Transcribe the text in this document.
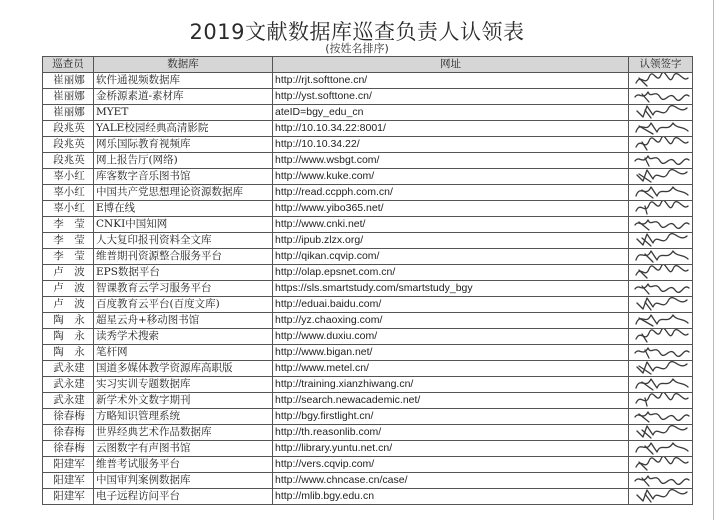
2019文献数据库巡查负责人认领表
(按姓名排序)
巡查员	数据库	网址	认领签字
崔丽娜	软件通视频数据库	http://rjt.softtone.cn/	

崔丽娜	金桥源素道-素材库	http://yst.softtone.cn/	

崔丽娜	MYET	ateID=bgy_edu_cn	

段兆英	YALE校园经典高清影院	http://10.10.34.22:8001/	

段兆英	网乐国际教育视频库	http://10.10.34.22/	

段兆英	网上报告厅(网络)	http://www.wsbgt.com/	

辜小红	库客数字音乐图书馆	http://www.kuke.com/	

辜小红	中国共产党思想理论资源数据库	http://read.ccpph.com.cn/	

辜小红	E博在线	http://www.yibo365.net/	

李　莹	CNKI中国知网	http://www.cnki.net/	

李　莹	人大复印报刊资料全文库	http://ipub.zlzx.org/	

李　莹	维普期刊资源整合服务平台	http://qikan.cqvip.com/	

卢　波	EPS数据平台	http://olap.epsnet.com.cn/	

卢　波	智课教育云学习服务平台	https://sls.smartstudy.com/smartstudy_bgy	

卢　波	百度教育云平台(百度文库)	http://eduai.baidu.com/	

陶　永	超星云舟+移动图书馆	http://yz.chaoxing.com/	

陶　永	读秀学术搜索	http://www.duxiu.com/	

陶　永	笔杆网	http://www.bigan.net/	

武永建	国道多媒体教学资源库高职版	http://www.metel.cn/	

武永建	实习实训专题数据库	http://training.xianzhiwang.cn/	

武永建	新学术外文数字期刊	http://search.newacademic.net/	

徐春梅	方略知识管理系统	http://bgy.firstlight.cn/	

徐春梅	世界经典艺术作品数据库	http://th.reasonlib.com/	

徐春梅	云图数字有声图书馆	http://library.yuntu.net.cn/	

阳建军	维普考试服务平台	http://vers.cqvip.com/	

阳建军	中国审判案例数据库	http://www.chncase.cn/case/	

阳建军	电子远程访问平台	http://mlib.bgy.edu.cn	
